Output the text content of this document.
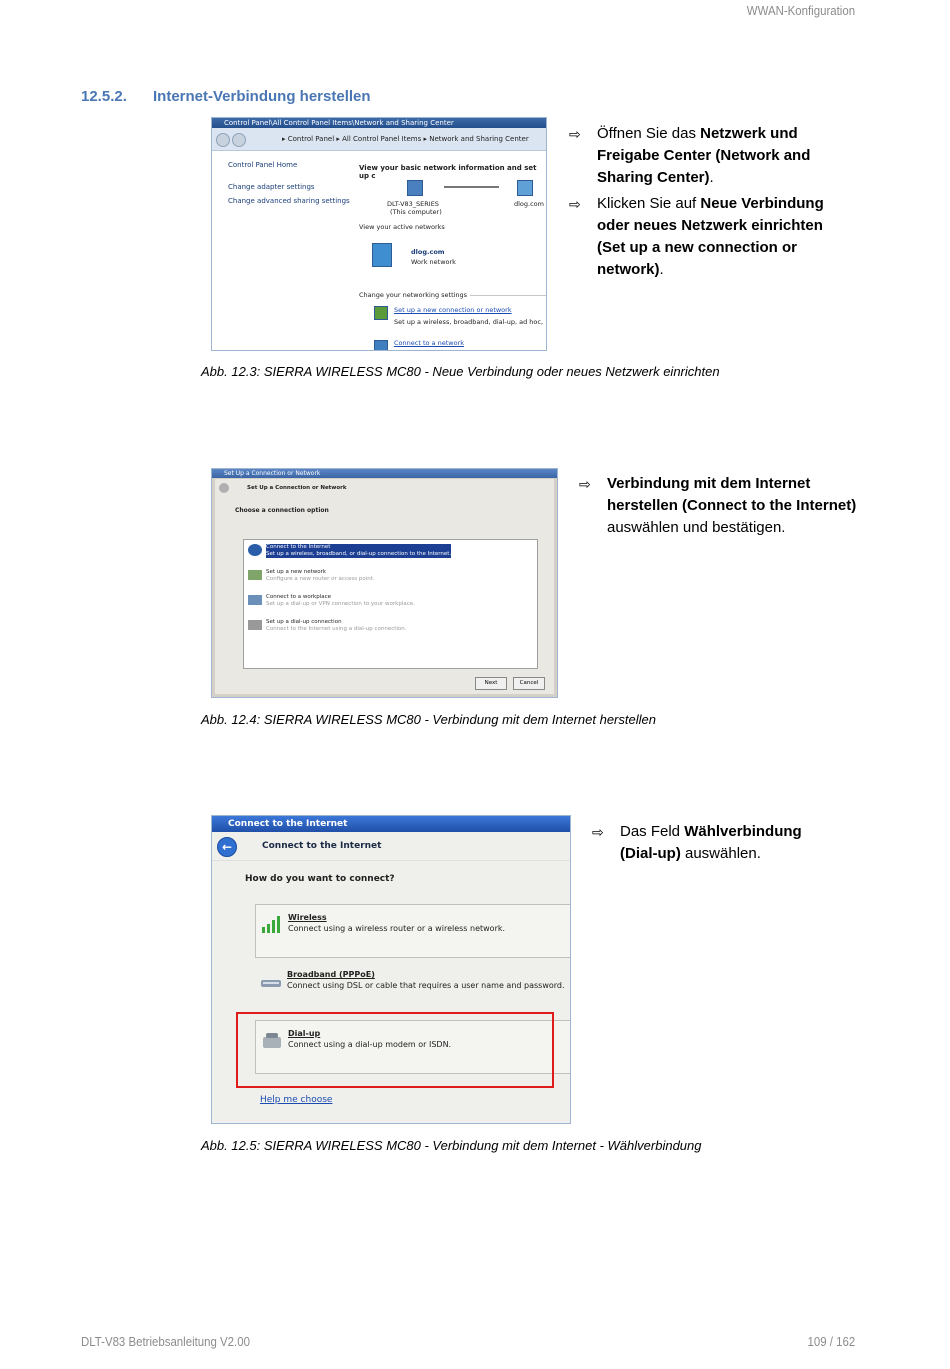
WWAN-Konfiguration
12.5.2. Internet-Verbindung herstellen
Control Panel\All Control Panel Items\Network and Sharing Center
▸ Control Panel ▸ All Control Panel Items ▸ Network and Sharing Center
Control Panel Home
Change adapter settings
Change advanced sharing settings
View your basic network information and set up c
DLT-V83_SERIES
(This computer)
dlog.com
View your active networks
dlog.com
Work network
Change your networking settings
Set up a new connection or network
Set up a wireless, broadband, dial-up, ad hoc,
Connect to a network
⇨ Öffnen Sie das Netzwerk und Freigabe Center (Network and Sharing Center).
⇨ Klicken Sie auf Neue Verbindung oder neues Netzwerk einrichten (Set up a new connection or network).
Abb. 12.3: SIERRA WIRELESS MC80 - Neue Verbindung oder neues Netzwerk einrichten
Set Up a Connection or Network
Set Up a Connection or Network
Choose a connection option
Connect to the Internet
Set up a wireless, broadband, or dial-up connection to the Internet.
Set up a new network
Configure a new router or access point.
Connect to a workplace
Set up a dial-up or VPN connection to your workplace.
Set up a dial-up connection
Connect to the Internet using a dial-up connection.
Next	Cancel
⇨ Verbindung mit dem Internet herstellen (Connect to the Internet) auswählen und bestätigen.
Abb. 12.4: SIERRA WIRELESS MC80 - Verbindung mit dem Internet herstellen
Connect to the Internet
←	Connect to the Internet
How do you want to connect?
Wireless
Connect using a wireless router or a wireless network.
Broadband (PPPoE)
Connect using DSL or cable that requires a user name and password.
Dial-up
Connect using a dial-up modem or ISDN.
Help me choose
⇨ Das Feld Wählverbindung (Dial-up) auswählen.
Abb. 12.5: SIERRA WIRELESS MC80 - Verbindung mit dem Internet - Wählverbindung
DLT-V83 Betriebsanleitung V2.00	109 / 162
